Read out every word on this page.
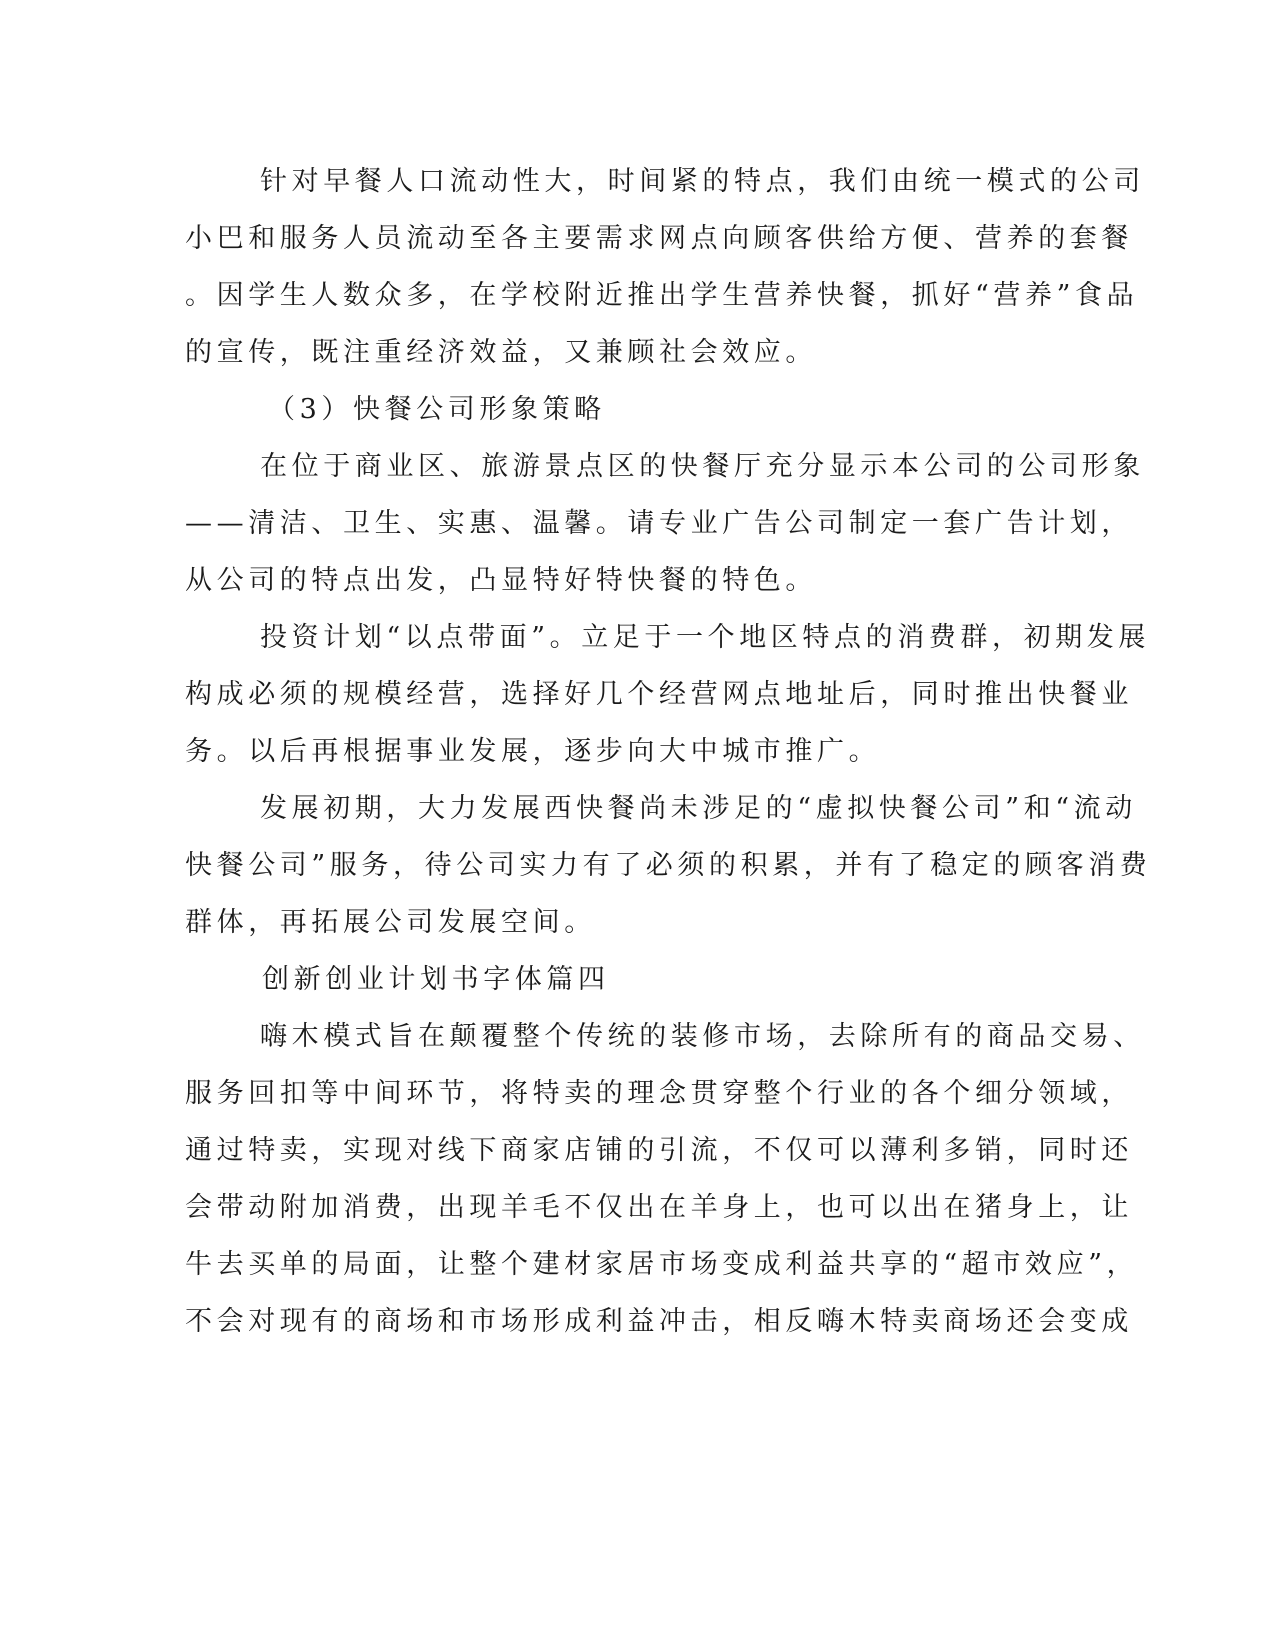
针对早餐人口流动性大，时间紧的特点，我们由统一模式的公司

小巴和服务人员流动至各主要需求网点向顾客供给方便、营养的套餐

。因学生人数众多，在学校附近推出学生营养快餐，抓好“营养”食品

的宣传，既注重经济效益，又兼顾社会效应。

（3）快餐公司形象策略

在位于商业区、旅游景点区的快餐厅充分显示本公司的公司形象

——清洁、卫生、实惠、温馨。请专业广告公司制定一套广告计划，

从公司的特点出发，凸显特好特快餐的特色。

投资计划“以点带面”。立足于一个地区特点的消费群，初期发展

构成必须的规模经营，选择好几个经营网点地址后，同时推出快餐业

务。以后再根据事业发展，逐步向大中城市推广。

发展初期，大力发展西快餐尚未涉足的“虚拟快餐公司”和“流动

快餐公司”服务，待公司实力有了必须的积累，并有了稳定的顾客消费

群体，再拓展公司发展空间。

创新创业计划书字体篇四

嗨木模式旨在颠覆整个传统的装修市场，去除所有的商品交易、

服务回扣等中间环节，将特卖的理念贯穿整个行业的各个细分领域，

通过特卖，实现对线下商家店铺的引流，不仅可以薄利多销，同时还

会带动附加消费，出现羊毛不仅出在羊身上，也可以出在猪身上，让

牛去买单的局面，让整个建材家居市场变成利益共享的“超市效应”，

不会对现有的商场和市场形成利益冲击，相反嗨木特卖商场还会变成
